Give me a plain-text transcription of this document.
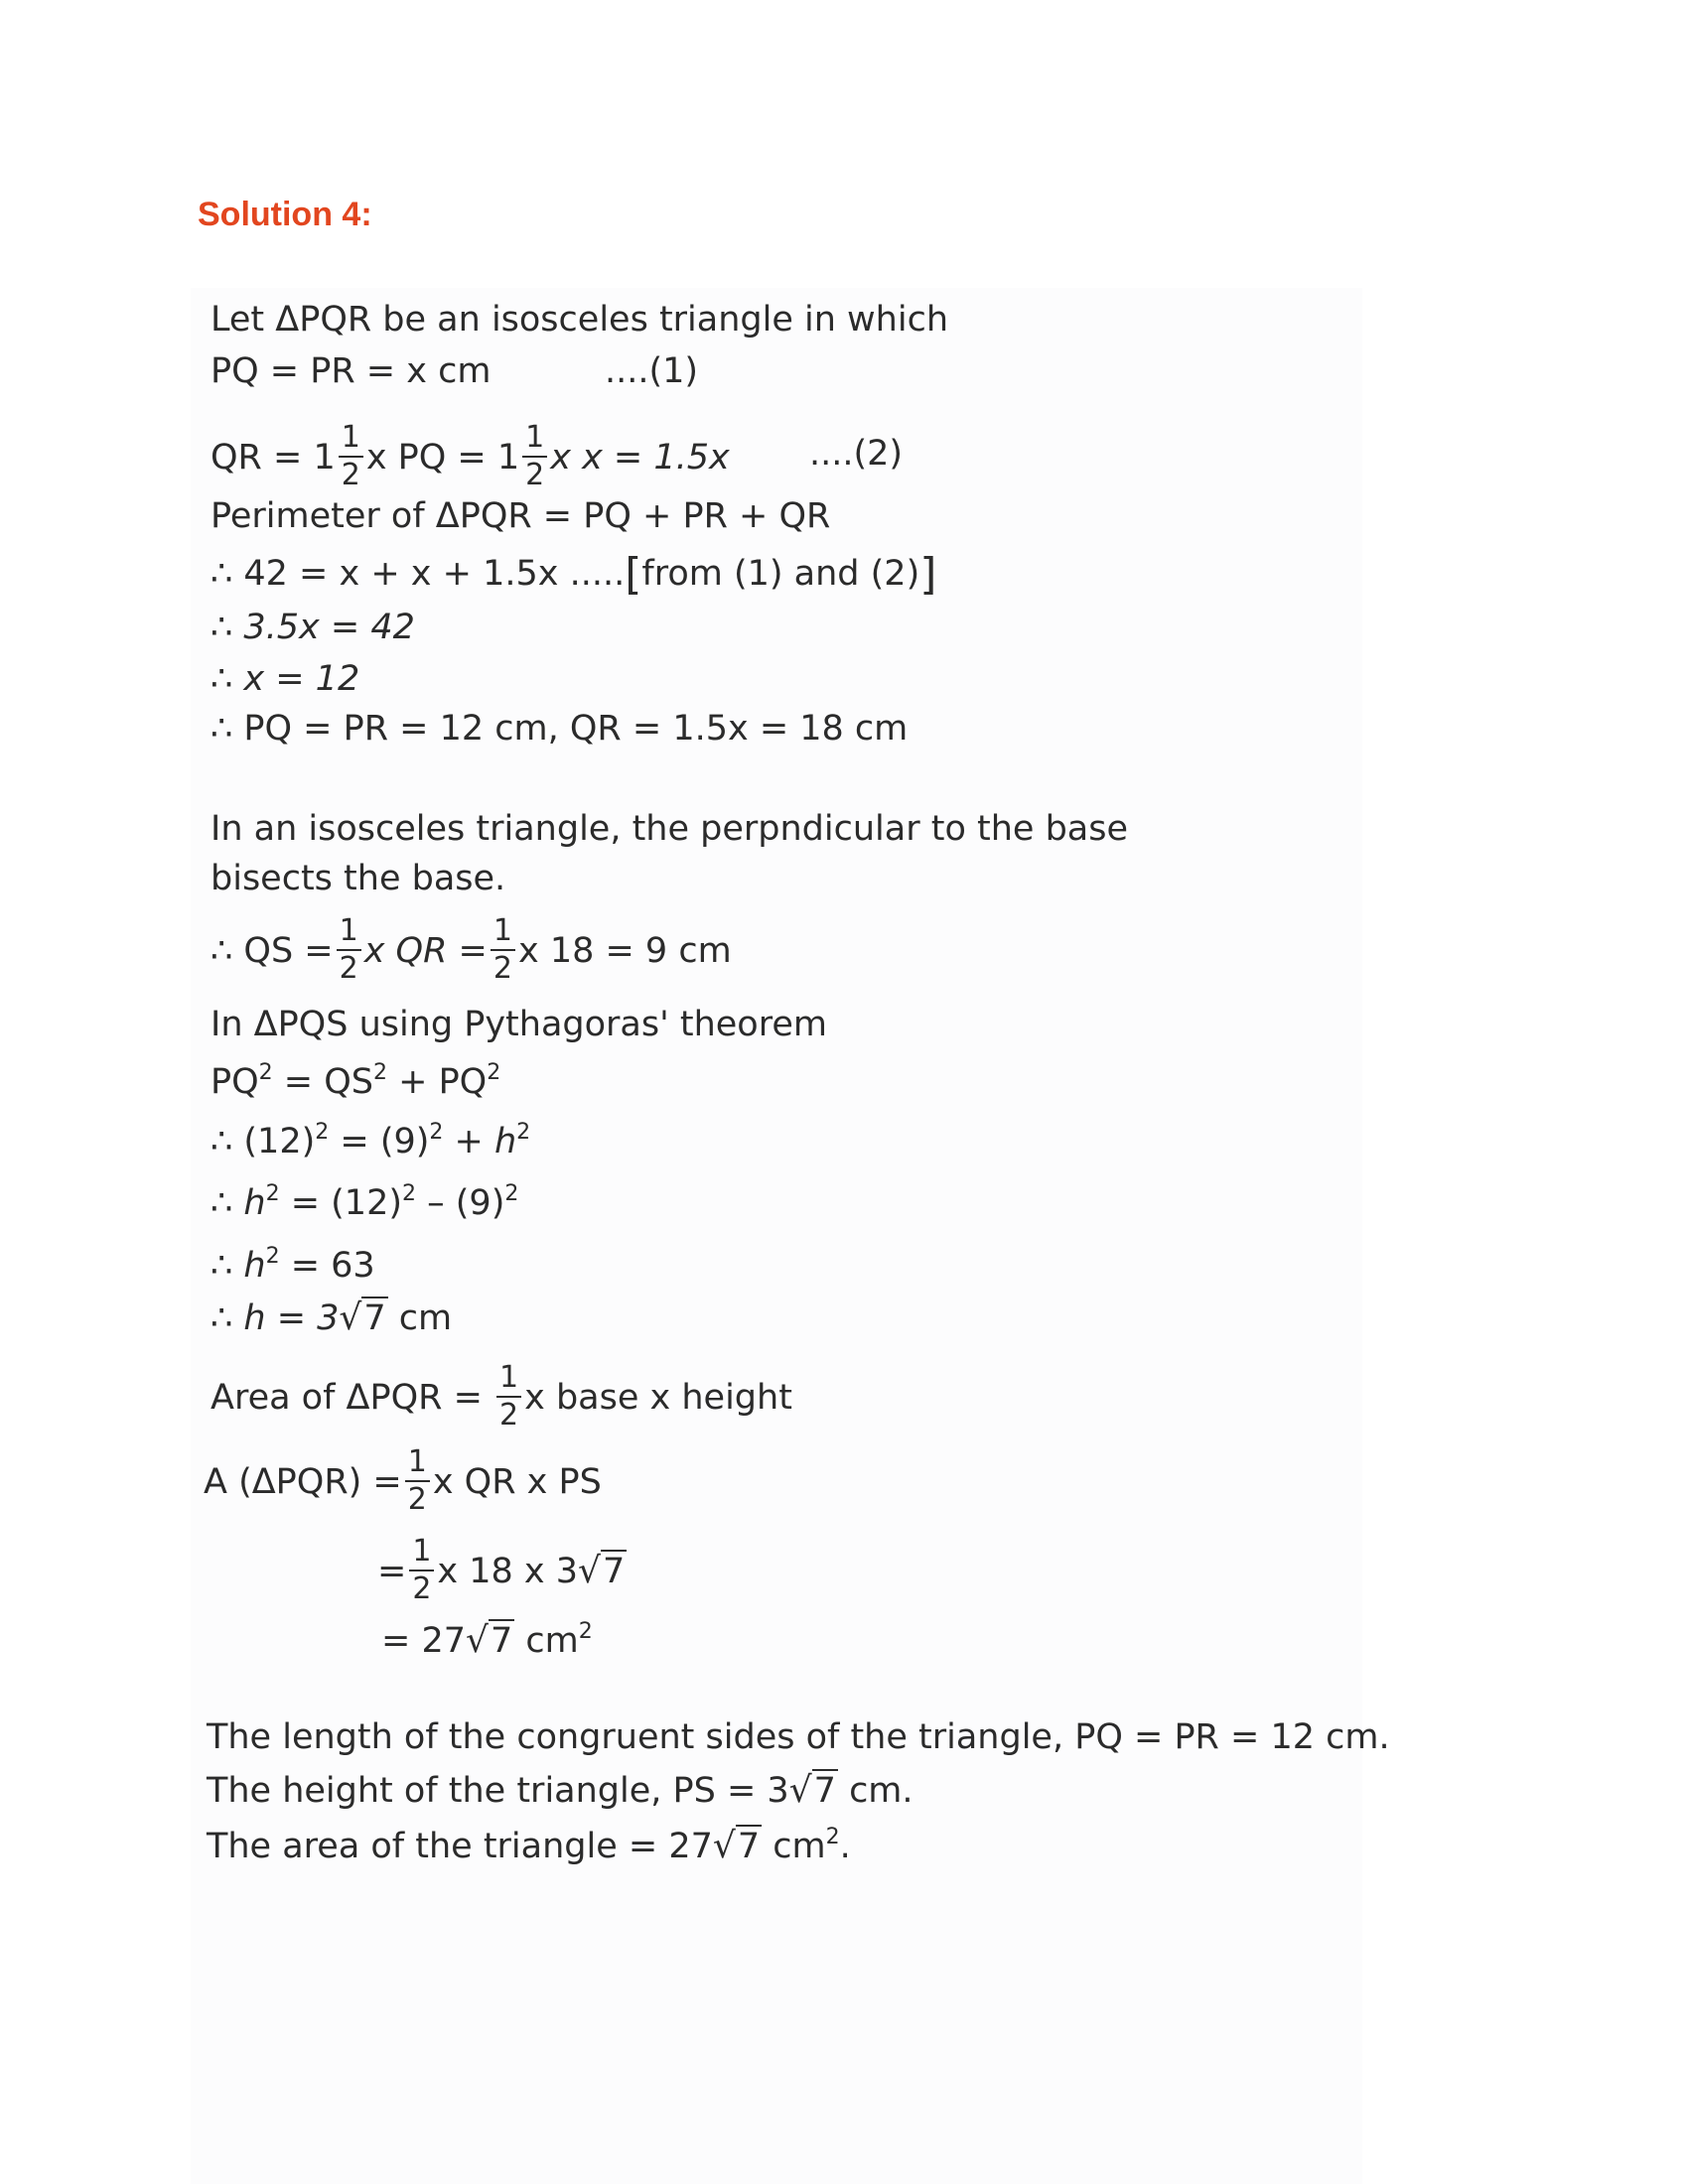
Solution 4:
Let ΔPQR be an isosceles triangle in which
PQ = PR = x cm	....(1)
QR = $1 \frac{1}{2}$ x PQ = $1 \frac{1}{2}$ x x = 1.5x ....(2)
Perimeter of ΔPQR = PQ + PR + QR
∴ 42 = x + x + 1.5x .....[from (1) and (2)]
∴ 3.5x = 42
∴ x = 12
∴ PQ = PR = 12 cm, QR = 1.5x = 18 cm
In an isosceles triangle, the perpndicular to the base
bisects the base.
∴ QS = $\frac{1}{2}$ x QR = $\frac{1}{2}$ x 18 = 9 cm
In ΔPQS using Pythagoras' theorem
$PQ^2 = QS^2 + PQ^2$
∴ $(12)^2 = (9)^2 + h^2$
∴ $h^2 = (12)^2 - (9)^2$
∴ $h^2 = 63$
∴ h = 3√7 cm
Area of $\Delta PQR = \frac{1}{2}$ x base x height
A $(\Delta PQR) = \frac{1}{2}$ x QR x PS
= $\frac{1}{2}$ x 18 x 3√7
= 27√7 $cm^2$
The length of the congruent sides of the triangle, PQ = PR = 12 cm.
The height of the triangle, PS = 3√7 cm.
The area of the triangle = 27√7 $cm^2$.
